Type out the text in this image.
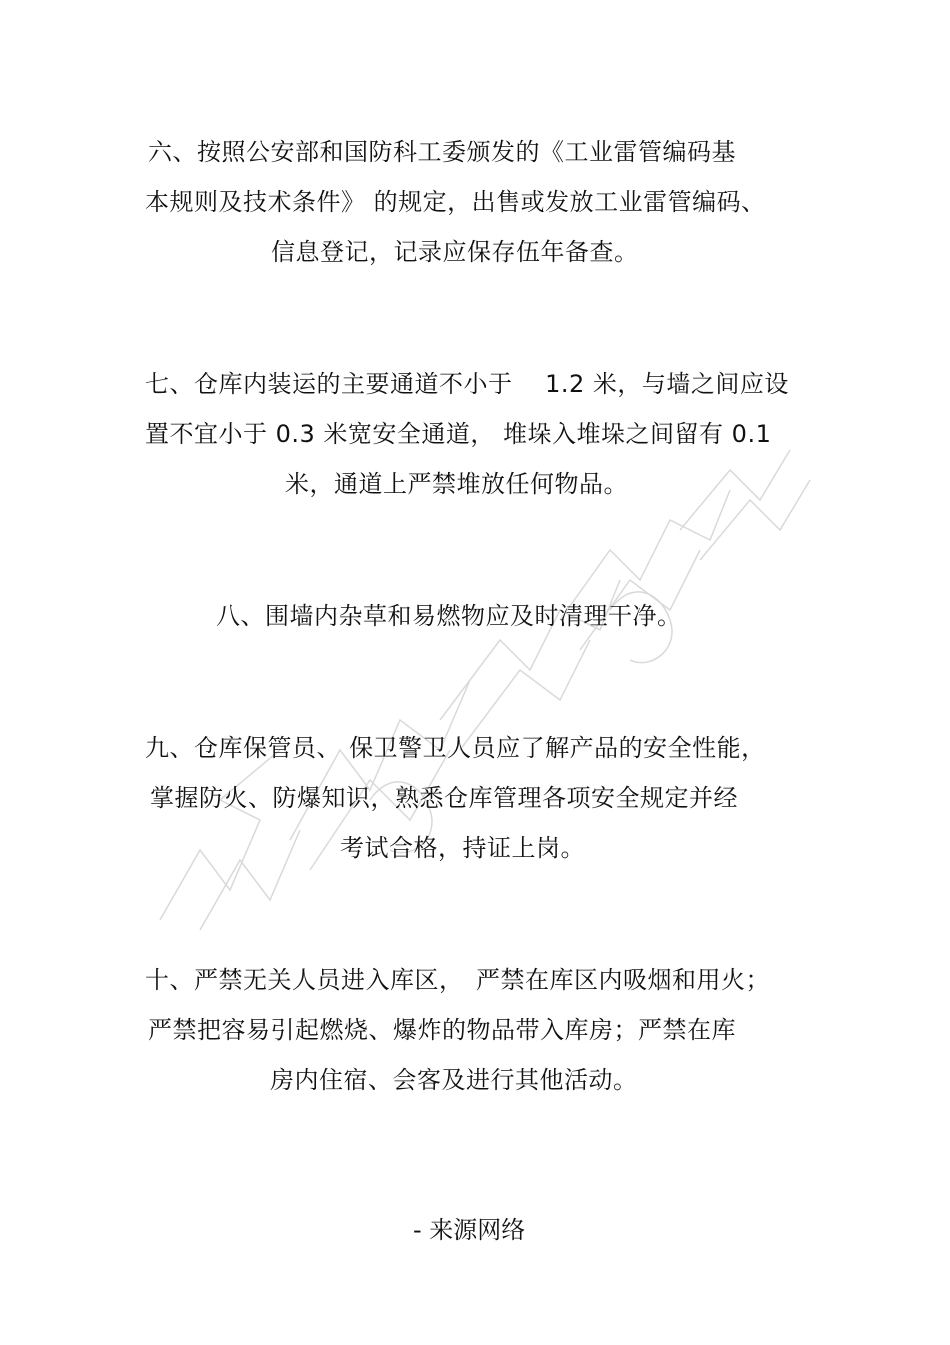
六、按照公安部和国防科工委颁发的《工业雷管编码基
本规则及技术条件》 的规定，出售或发放工业雷管编码、
信息登记，记录应保存伍年备查。
七、仓库内装运的主要通道不小于　 1.2 米，与墙之间应设
置不宜小于 0.3 米宽安全通道， 堆垛入堆垛之间留有 0.1
米，通道上严禁堆放任何物品。
八、围墙内杂草和易燃物应及时清理干净。
九、仓库保管员、 保卫警卫人员应了解产品的安全性能，
掌握防火、防爆知识，熟悉仓库管理各项安全规定并经
考试合格，持证上岗。
十、严禁无关人员进入库区，　严禁在库区内吸烟和用火；
严禁把容易引起燃烧、爆炸的物品带入库房；严禁在库
房内住宿、会客及进行其他活动。
- 来源网络
